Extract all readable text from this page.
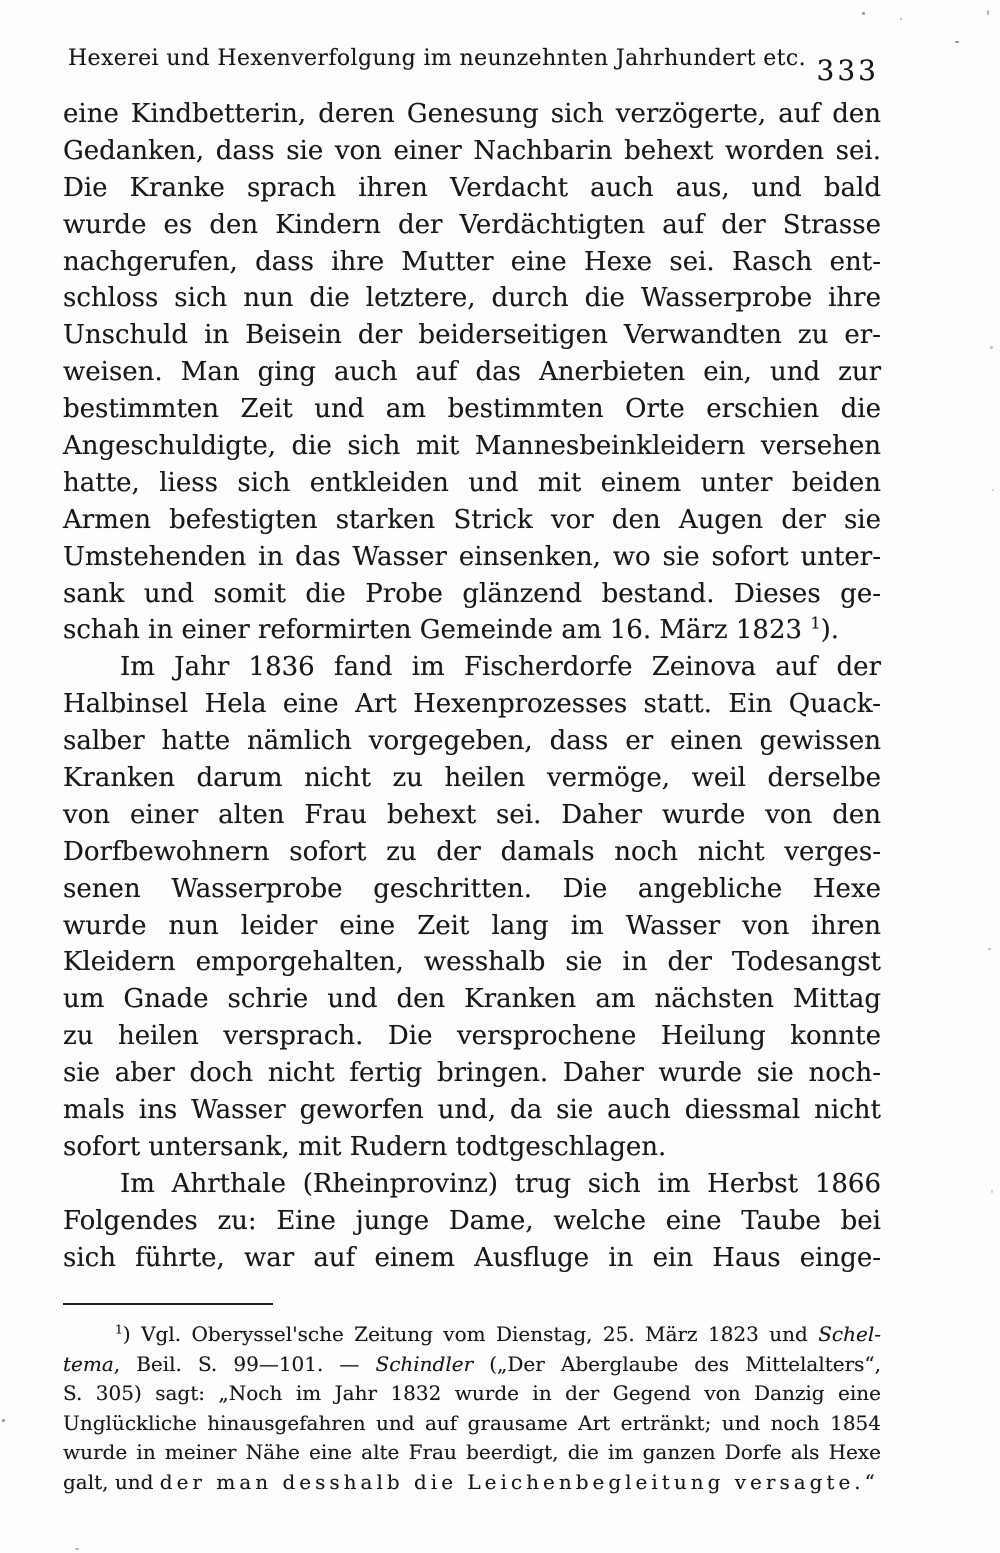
Hexerei und Hexenverfolgung im neunzehnten Jahrhundert etc. 333
eine Kindbetterin, deren Genesung sich verzögerte, auf den
Gedanken, dass sie von einer Nachbarin behext worden sei.
Die Kranke sprach ihren Verdacht auch aus, und bald
wurde es den Kindern der Verdächtigten auf der Strasse
nachgerufen, dass ihre Mutter eine Hexe sei. Rasch ent-
schloss sich nun die letztere, durch die Wasserprobe ihre
Unschuld in Beisein der beiderseitigen Verwandten zu er-
weisen. Man ging auch auf das Anerbieten ein, und zur
bestimmten Zeit und am bestimmten Orte erschien die
Angeschuldigte, die sich mit Mannesbeinkleidern versehen
hatte, liess sich entkleiden und mit einem unter beiden
Armen befestigten starken Strick vor den Augen der sie
Umstehenden in das Wasser einsenken, wo sie sofort unter-
sank und somit die Probe glänzend bestand. Dieses ge-
schah in einer reformirten Gemeinde am 16. März 1823 $^1$).
Im Jahr 1836 fand im Fischerdorfe Zeinova auf der
Halbinsel Hela eine Art Hexenprozesses statt. Ein Quack-
salber hatte nämlich vorgegeben, dass er einen gewissen
Kranken darum nicht zu heilen vermöge, weil derselbe
von einer alten Frau behext sei. Daher wurde von den
Dorfbewohnern sofort zu der damals noch nicht verges-
senen Wasserprobe geschritten. Die angebliche Hexe
wurde nun leider eine Zeit lang im Wasser von ihren
Kleidern emporgehalten, wesshalb sie in der Todesangst
um Gnade schrie und den Kranken am nächsten Mittag
zu heilen versprach. Die versprochene Heilung konnte
sie aber doch nicht fertig bringen. Daher wurde sie noch-
mals ins Wasser geworfen und, da sie auch diessmal nicht
sofort untersank, mit Rudern todtgeschlagen.
Im Ahrthale (Rheinprovinz) trug sich im Herbst 1866
Folgendes zu: Eine junge Dame, welche eine Taube bei
sich führte, war auf einem Ausfluge in ein Haus einge-
$^1$) Vgl. Oberyssel'sche Zeitung vom Dienstag, 25. März 1823 und Schel-
tema, Beil. S. 99—101. — Schindler („Der Aberglaube des Mittelalters“,
S. 305) sagt: „Noch im Jahr 1832 wurde in der Gegend von Danzig eine
Unglückliche hinausgefahren und auf grausame Art ertränkt; und noch 1854
wurde in meiner Nähe eine alte Frau beerdigt, die im ganzen Dorfe als Hexe
galt, und der man desshalb die Leichenbegleitung versagte.“
